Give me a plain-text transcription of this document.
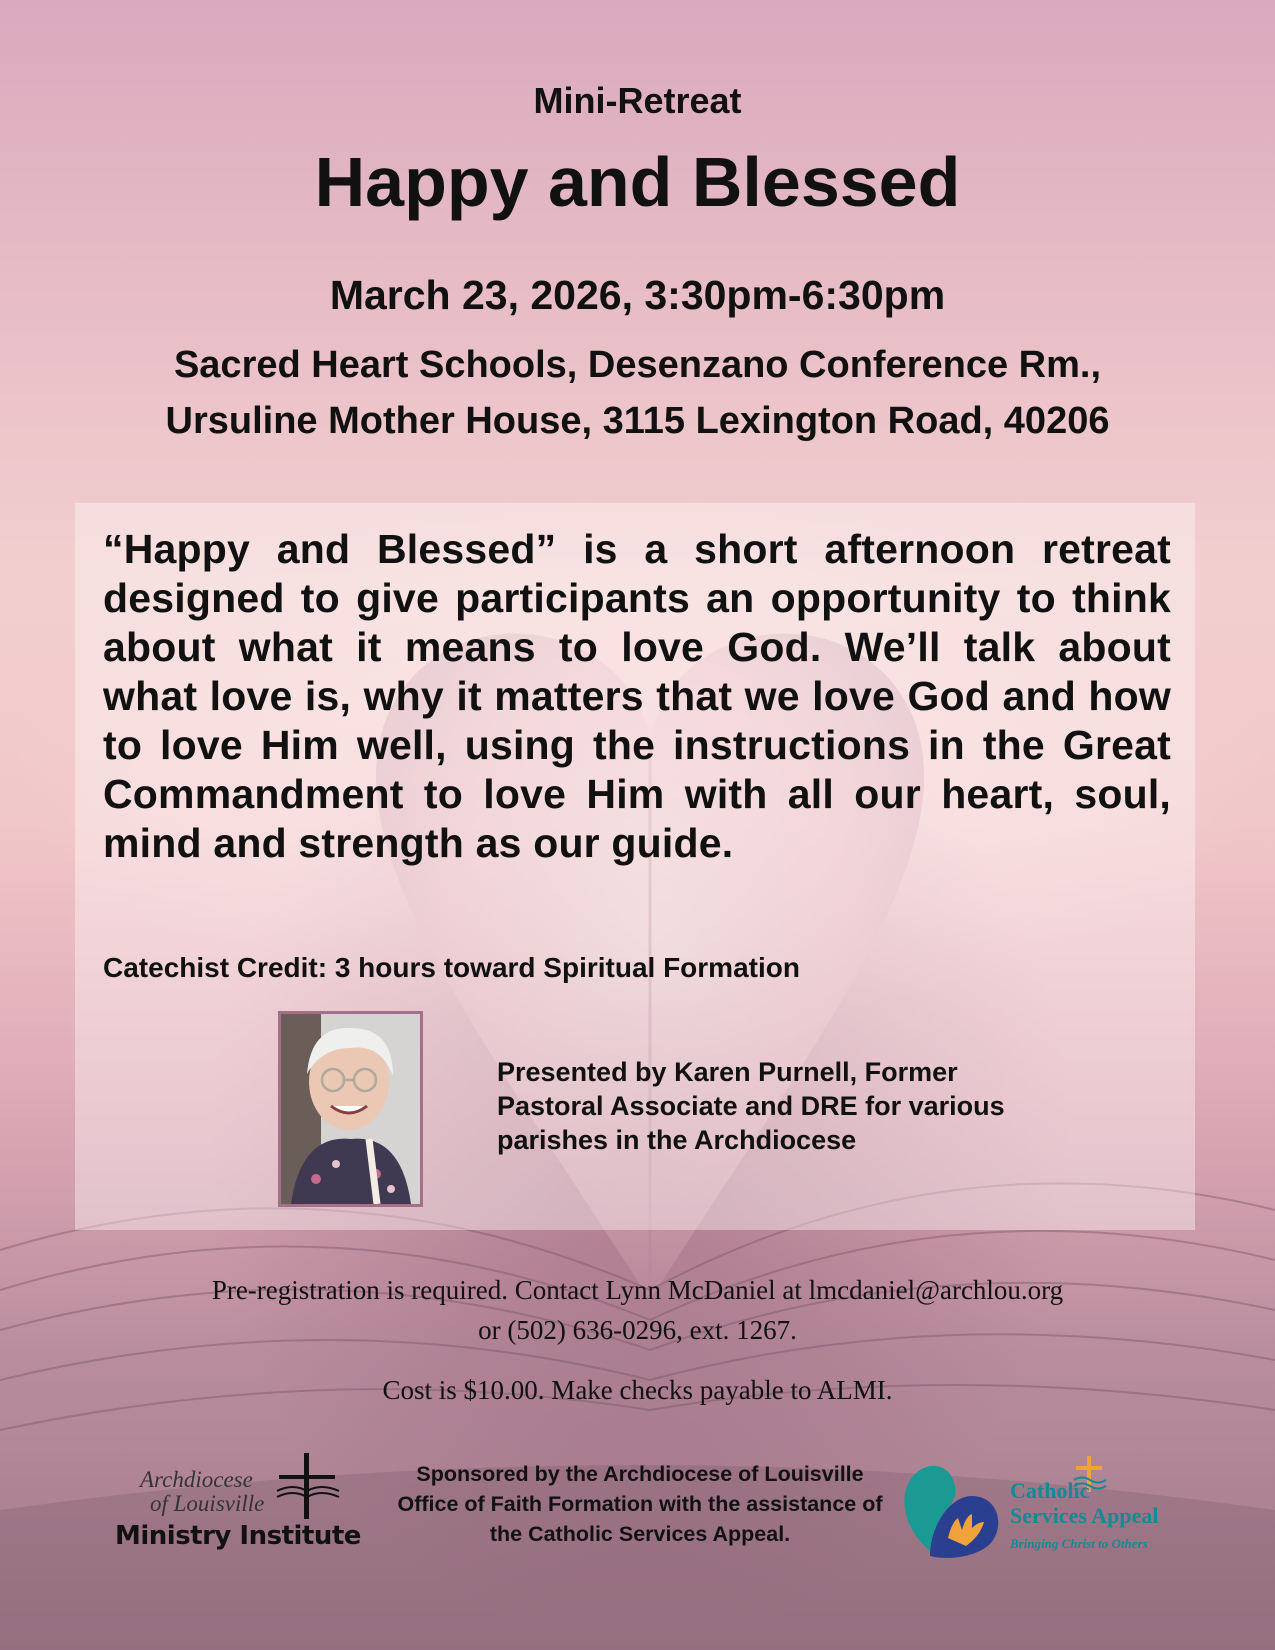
Mini-Retreat
Happy and Blessed
March 23, 2026, 3:30pm-6:30pm
Sacred Heart Schools, Desenzano Conference Rm.,
Ursuline Mother House, 3115 Lexington Road, 40206
“Happy and Blessed” is a short afternoon retreat designed to give participants an opportunity to think about what it means to love God. We’ll talk about what love is, why it matters that we love God and how to love Him well, using the instructions in the Great Commandment to love Him with all our heart, soul, mind and strength as our guide.
Catechist Credit: 3 hours toward Spiritual Formation
Presented by Karen Purnell, Former Pastoral Associate and DRE for various parishes in the Archdiocese
Pre-registration is required. Contact Lynn McDaniel at lmcdaniel@archlou.org
or (502) 636-0296, ext. 1267.
Cost is $10.00. Make checks payable to ALMI.
Archdiocese
of Louisville
Ministry Institute
Sponsored by the Archdiocese of Louisville Office of Faith Formation with the assistance of the Catholic Services Appeal.
Catholic
Services Appeal
Bringing Christ to Others
